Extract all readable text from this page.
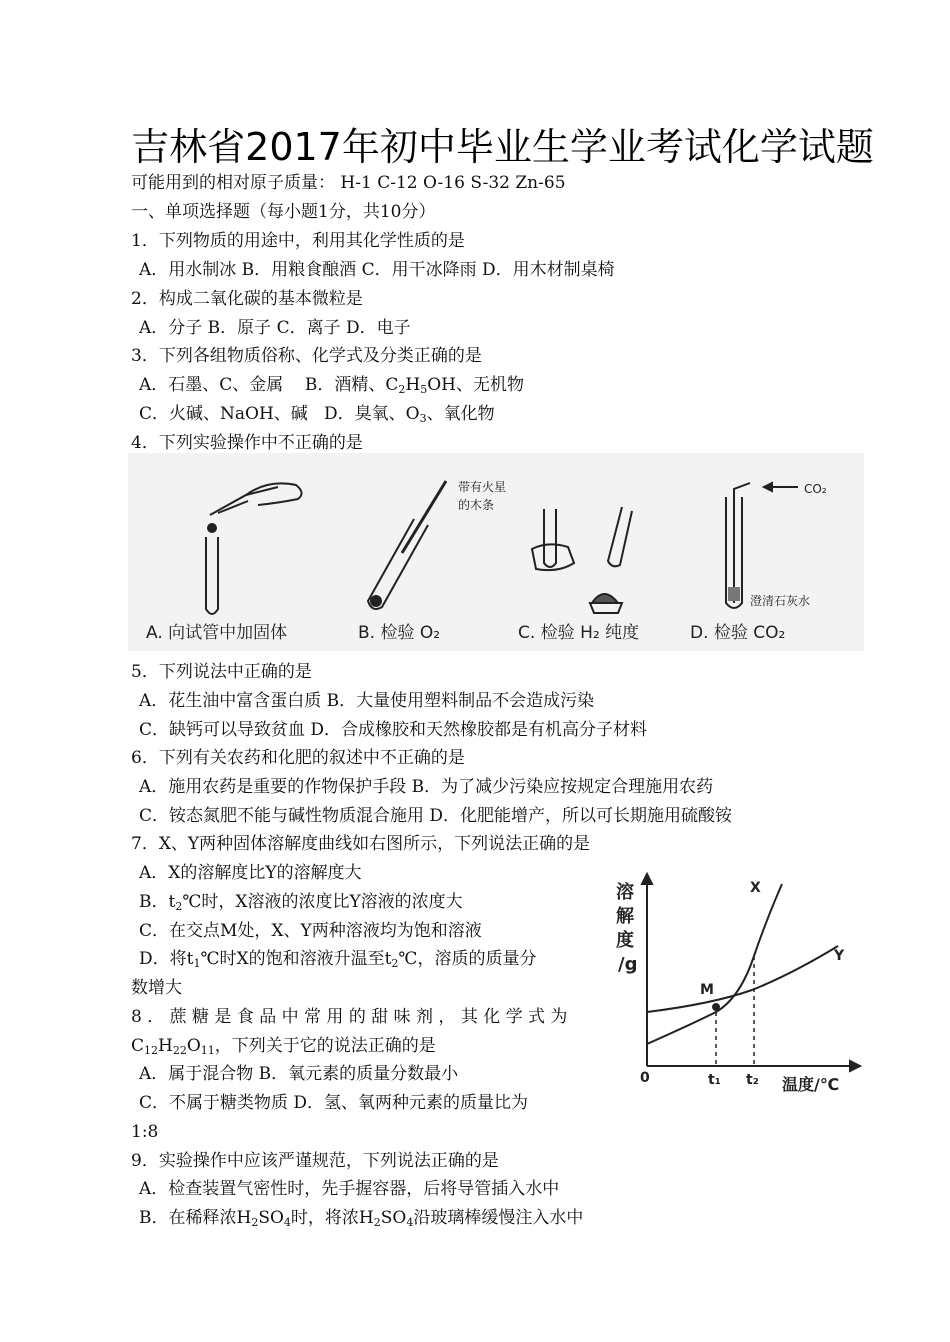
吉林省2017年初中毕业生学业考试化学试题
可能用到的相对原子质量： H-1 C-12 O-16 S-32 Zn-65
一、单项选择题（每小题1分，共10分）
1．下列物质的用途中，利用其化学性质的是
A．用水制冰 B．用粮食酿酒 C．用干冰降雨 D．用木材制桌椅
2．构成二氧化碳的基本微粒是
A．分子 B．原子 C．离子 D．电子
3．下列各组物质俗称、化学式及分类正确的是
A．石墨、C、金属 B．酒精、$C_2H_5OH$、无机物
C．火碱、NaOH、碱 D．臭氧、$O_3$、氧化物
4．下列实验操作中不正确的是
A. 向试管中加固体
带有火星
的木条
B. 检验 O₂	C. 检验 H₂ 纯度
CO₂
澄清石灰水
D. 检验 CO₂
5．下列说法中正确的是
A．花生油中富含蛋白质 B．大量使用塑料制品不会造成污染
C．缺钙可以导致贫血 D．合成橡胶和天然橡胶都是有机高分子材料
6．下列有关农药和化肥的叙述中不正确的是
A．施用农药是重要的作物保护手段 B．为了减少污染应按规定合理施用农药
C．铵态氮肥不能与碱性物质混合施用 D．化肥能增产，所以可长期施用硫酸铵
7．X、Y两种固体溶解度曲线如右图所示，下列说法正确的是
A．X的溶解度比Y的溶解度大
B．$t_2℃$时，X溶液的浓度比Y溶液的浓度大
C．在交点M处，X、Y两种溶液均为饱和溶液
D．将$t_1℃$时X的饱和溶液升温至$t_2℃$，溶质的质量分
数增大
溶
解
度
/g
0	t₁ t₂ 温度/℃
X
Y
M
8．蔗糖是食品中常用的甜味剂，其化学式为
$C_{12}H_{22}O_{11}$，下列关于它的说法正确的是
A．属于混合物 B．氧元素的质量分数最小
C．不属于糖类物质 D．氢、氧两种元素的质量比为
1:8
9．实验操作中应该严谨规范，下列说法正确的是
A．检查装置气密性时，先手握容器，后将导管插入水中
B．在稀释浓$H_2SO_4$时，将浓$H_2SO_4$沿玻璃棒缓慢注入水中
